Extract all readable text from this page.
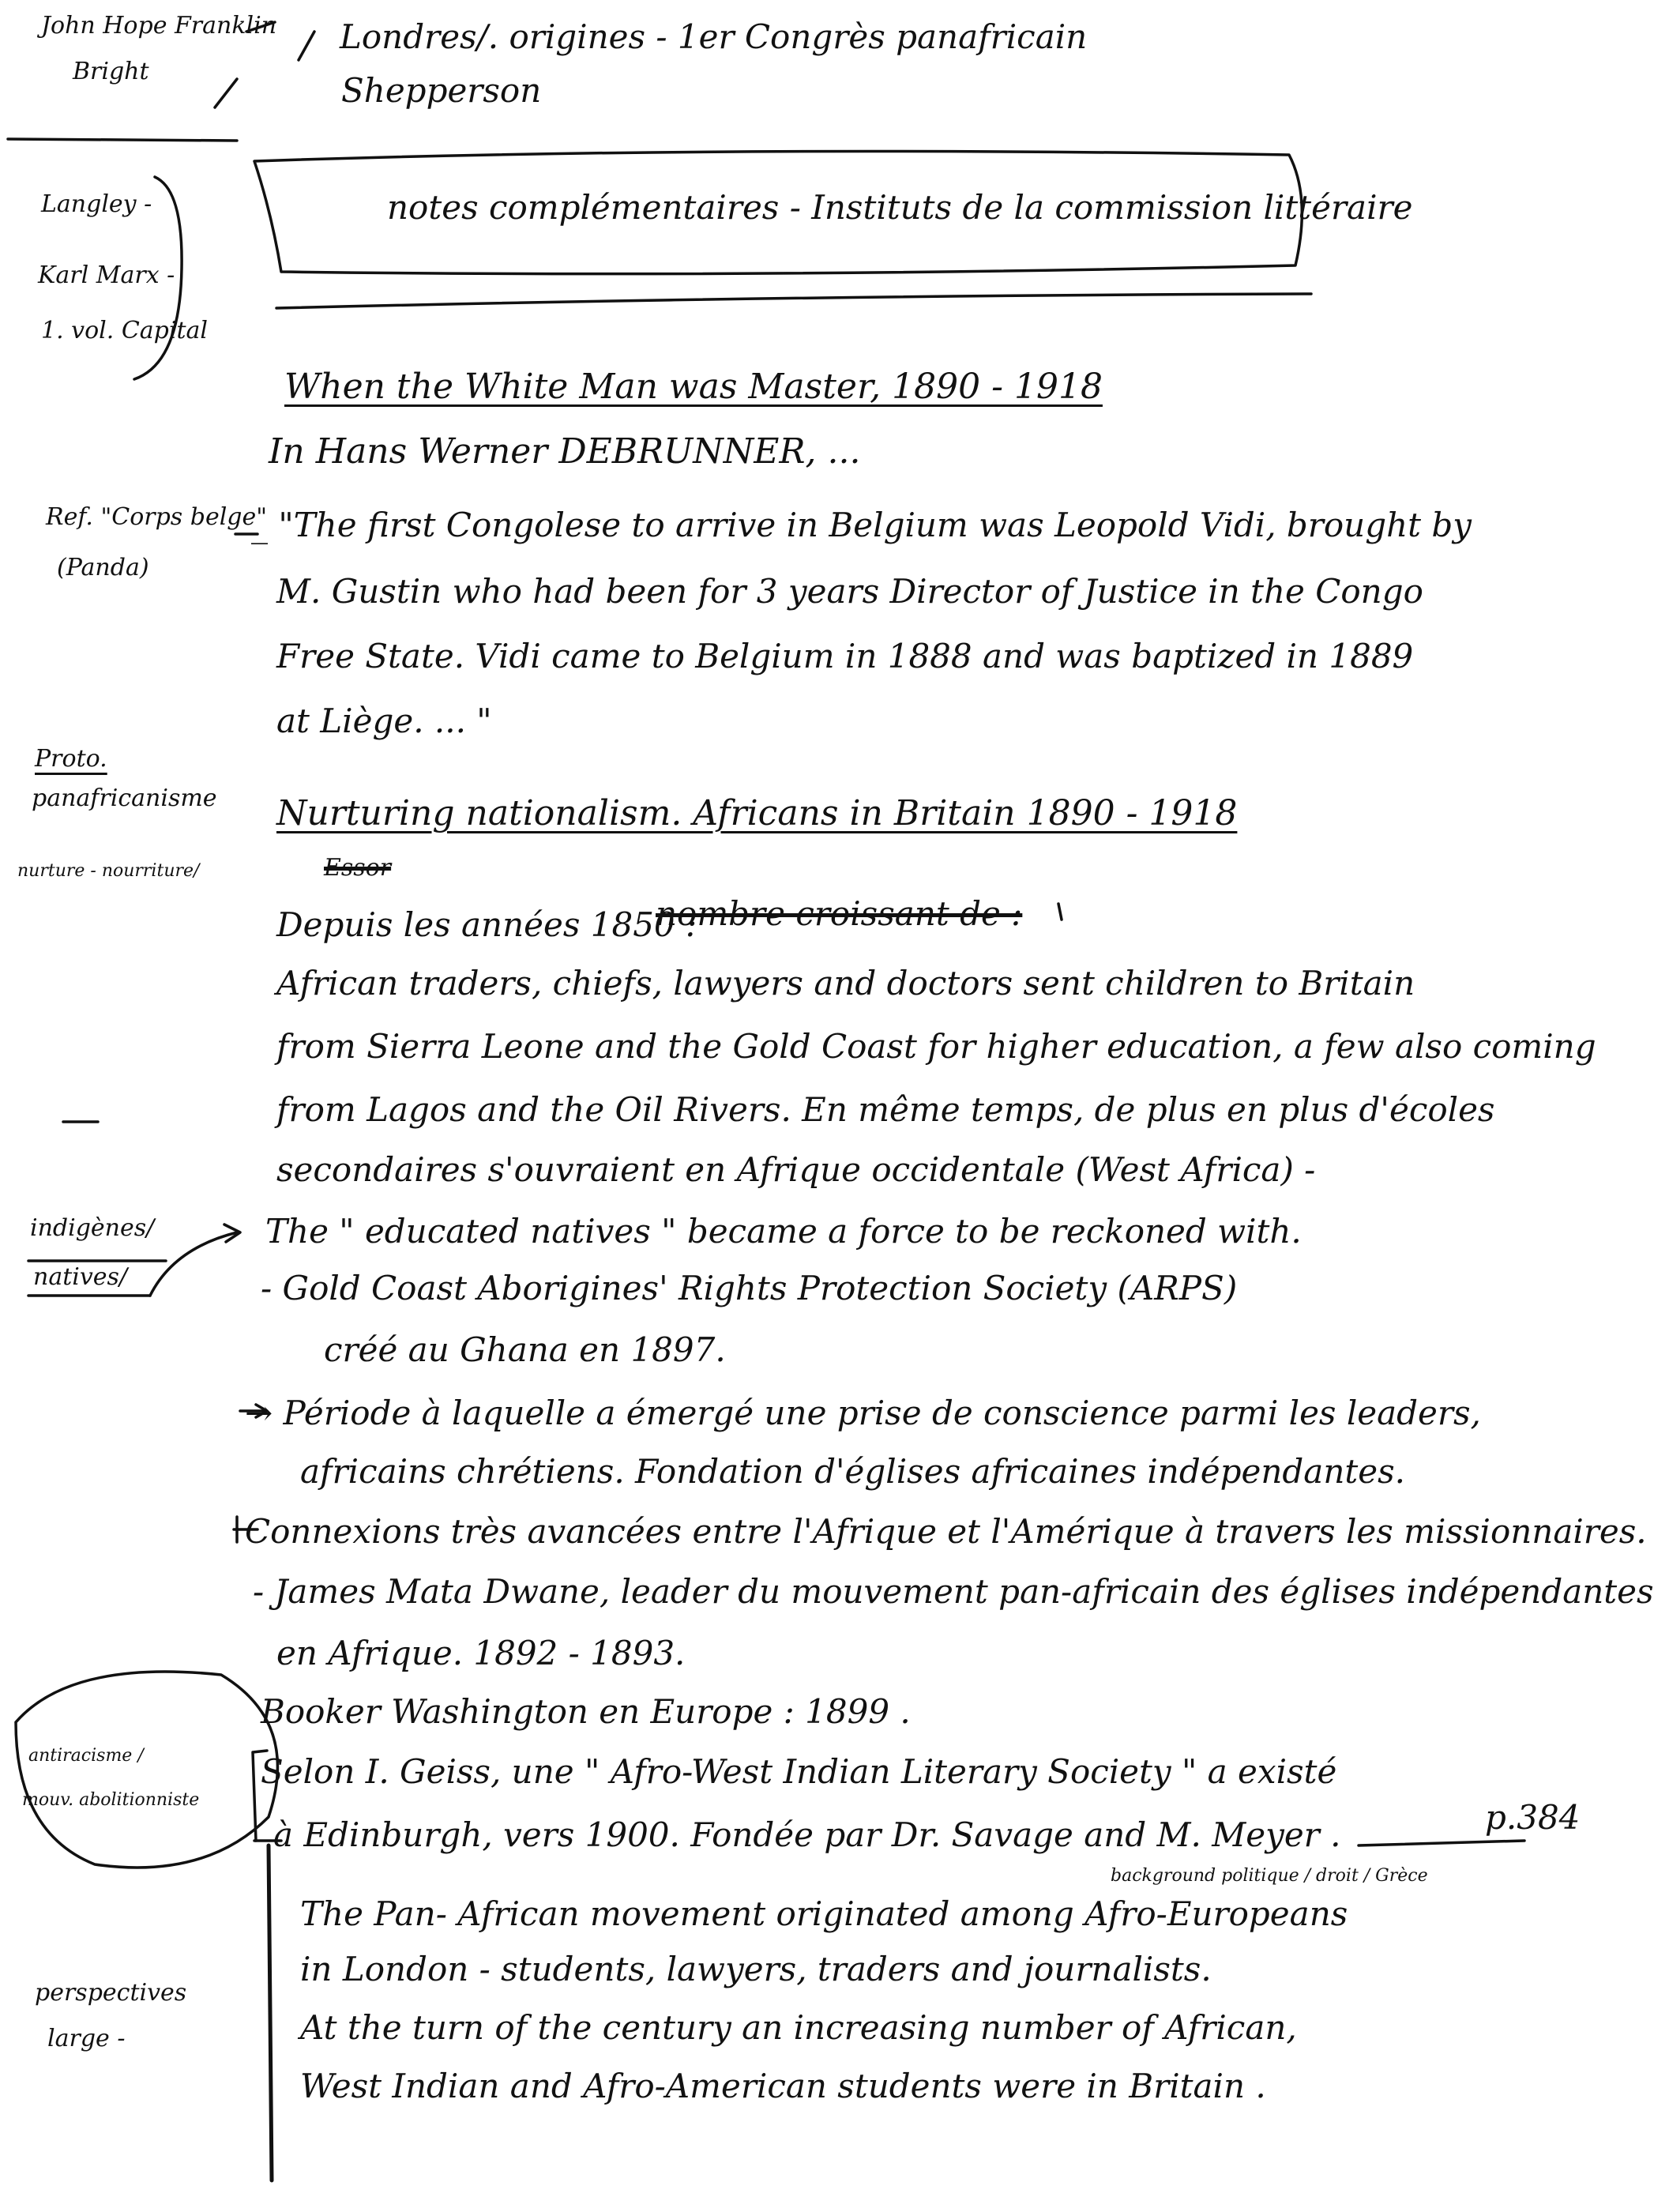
John Hope Franklin
Bright
Londres/. origines - 1er Congrès panafricain
Shepperson
notes complémentaires - Instituts de la commission littéraire
Langley -
Karl Marx -
1. vol. Capital
Ref. "Corps belge"
(Panda)
Proto.
panafricanisme
nurture - nourriture/
indigènes/
natives/
antiracisme /
mouv. abolitionniste
perspectives
large -
When the White Man was Master, 1890 - 1918
In Hans Werner DEBRUNNER, ...
_ "The first Congolese to arrive in Belgium was Leopold Vidi, brought by
M. Gustin who had been for 3 years Director of Justice in the Congo
Free State. Vidi came to Belgium in 1888 and was baptized in 1889
at Liège. ... "
Nurturing nationalism. Africans in Britain 1890 - 1918
Essor
Depuis les années 1850 :
nombre croissant de :
African traders, chiefs, lawyers and doctors sent children to Britain
from Sierra Leone and the Gold Coast for higher education, a few also coming
from Lagos and the Oil Rivers. En même temps, de plus en plus d'écoles
secondaires s'ouvraient en Afrique occidentale (West Africa) -
The " educated natives " became a force to be reckoned with.
- Gold Coast Aborigines' Rights Protection Society (ARPS)
créé au Ghana en 1897.
→ Période à laquelle a émergé une prise de conscience parmi les leaders,
africains chrétiens. Fondation d'églises africaines indépendantes.
Connexions très avancées entre l'Afrique et l'Amérique à travers les missionnaires.
- James Mata Dwane, leader du mouvement pan-africain des églises indépendantes
en Afrique. 1892 - 1893.
Booker Washington en Europe : 1899 .
Selon I. Geiss, une " Afro-West Indian Literary Society " a existé
à Edinburgh, vers 1900. Fondée par Dr. Savage and M. Meyer .	p.384
background politique / droit / Grèce
The Pan- African movement originated among Afro-Europeans
in London - students, lawyers, traders and journalists.
At the turn of the century an increasing number of African,
West Indian and Afro-American students were in Britain .
